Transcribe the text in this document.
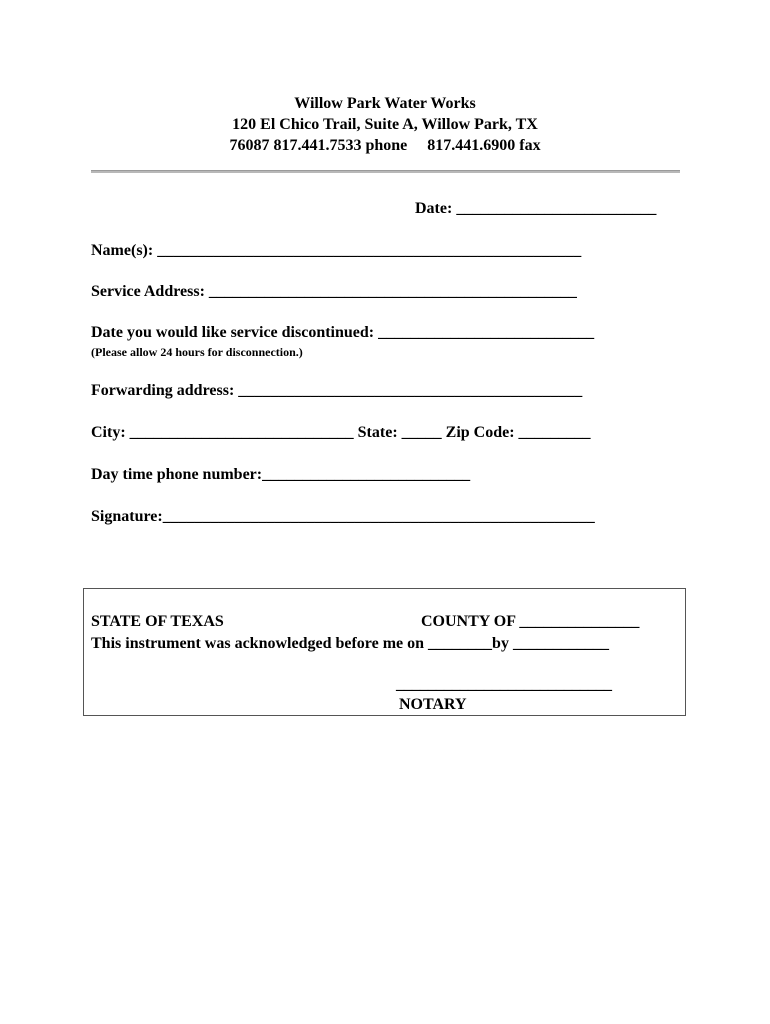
Willow Park Water Works
120 El Chico Trail, Suite A, Willow Park, TX
76087 817.441.7533 phone     817.441.6900 fax
Date: _________________________
Name(s): _____________________________________________________
Service Address: ______________________________________________
Date you would like service discontinued: ___________________________
(Please allow 24 hours for disconnection.)
Forwarding address: ___________________________________________
City: ____________________________ State: _____ Zip Code: _________
Day time phone number:__________________________
Signature:______________________________________________________
STATE OF TEXAS	COUNTY OF _______________
This instrument was acknowledged before me on ________by ____________
___________________________
NOTARY
